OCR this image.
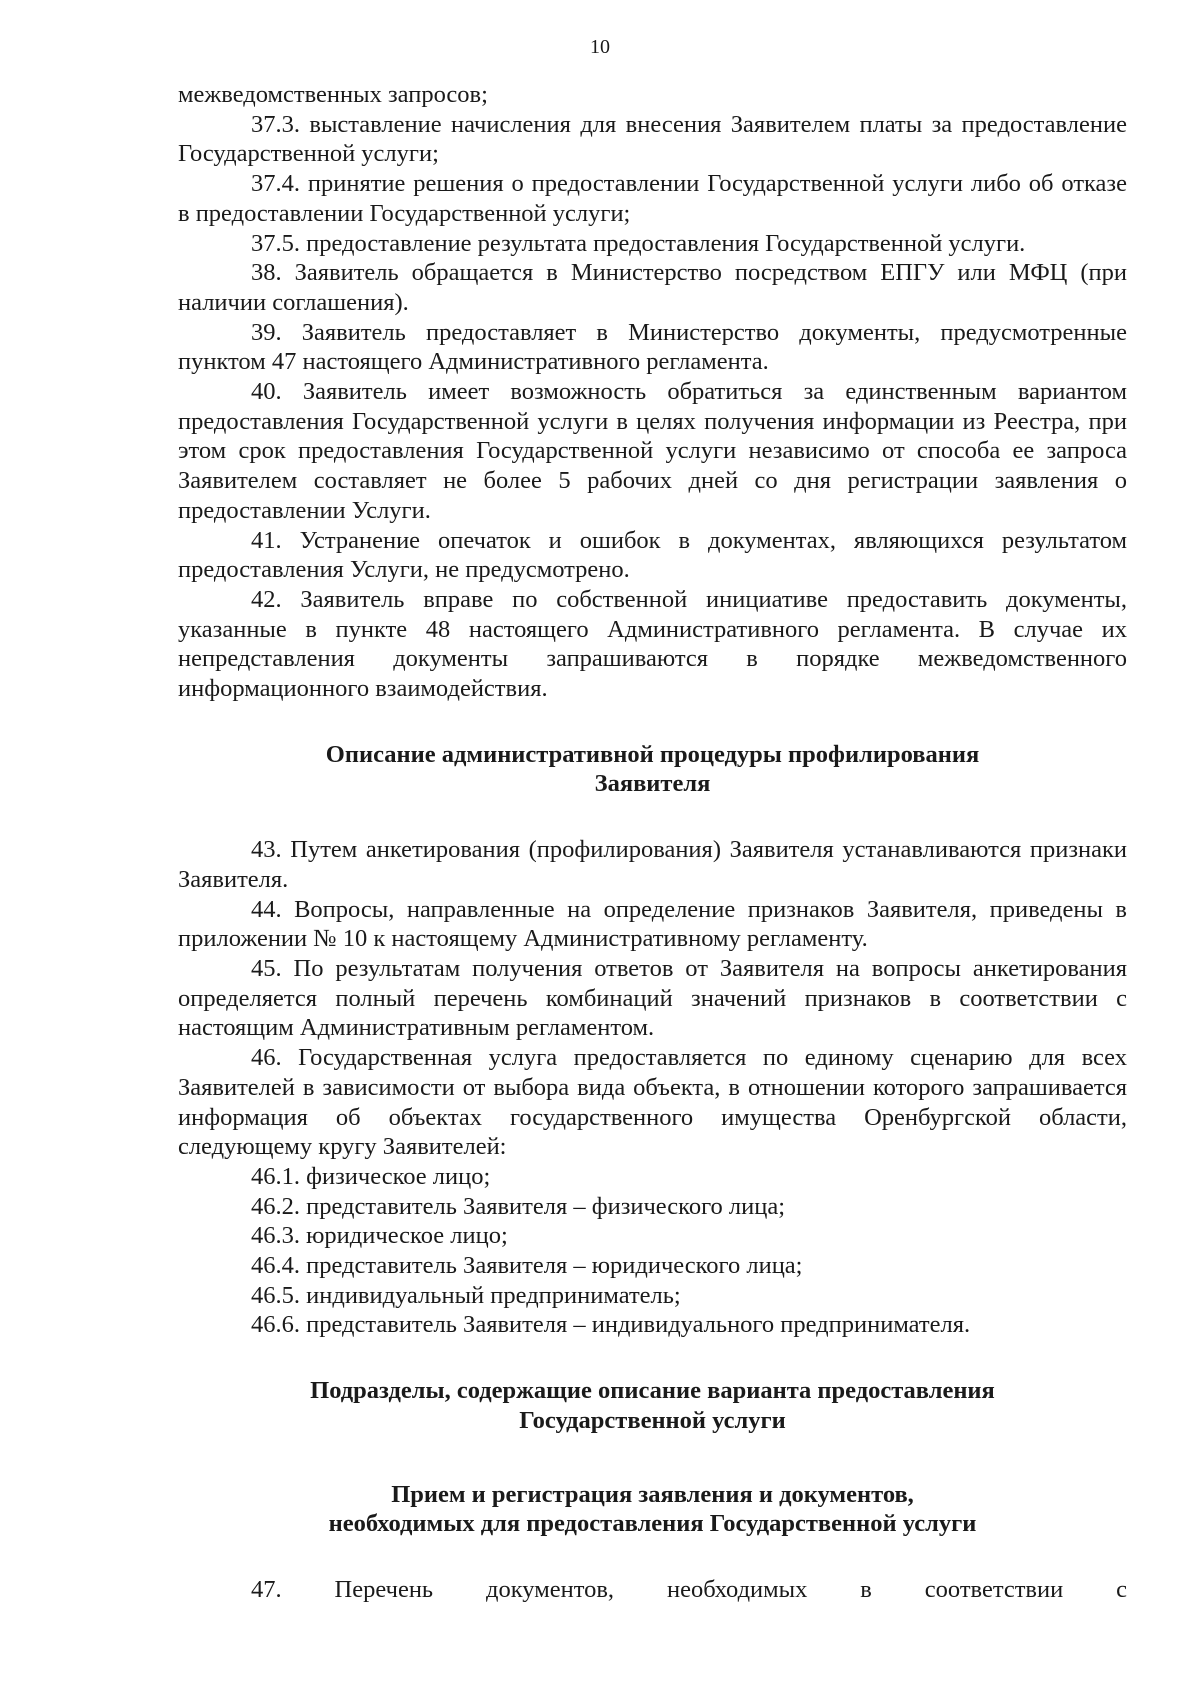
10

межведомственных запросов;

37.3. выставление начисления для внесения Заявителем платы за предоставление Государственной услуги;

37.4. принятие решения о предоставлении Государственной услуги либо об отказе в предоставлении Государственной услуги;

37.5. предоставление результата предоставления Государственной услуги.

38. Заявитель обращается в Министерство посредством ЕПГУ или МФЦ (при наличии соглашения).

39. Заявитель предоставляет в Министерство документы, предусмотренные пунктом 47 настоящего Административного регламента.

40. Заявитель имеет возможность обратиться за единственным вариантом предоставления Государственной услуги в целях получения информации из Реестра, при этом срок предоставления Государственной услуги независимо от способа ее запроса Заявителем составляет не более 5 рабочих дней со дня регистрации заявления о предоставлении Услуги.

41. Устранение опечаток и ошибок в документах, являющихся результатом предоставления Услуги, не предусмотрено.

42. Заявитель вправе по собственной инициативе предоставить документы, указанные в пункте 48 настоящего Административного регламента. В случае их непредставления документы запрашиваются в порядке межведомственного информационного взаимодействия.

Описание административной процедуры профилирования

Заявителя

43. Путем анкетирования (профилирования) Заявителя устанавливаются признаки Заявителя.

44. Вопросы, направленные на определение признаков Заявителя, приведены в приложении № 10 к настоящему Административному регламенту.

45. По результатам получения ответов от Заявителя на вопросы анкетирования определяется полный перечень комбинаций значений признаков в соответствии с настоящим Административным регламентом.

46. Государственная услуга предоставляется по единому сценарию для всех Заявителей в зависимости от выбора вида объекта, в отношении которого запрашивается информация об объектах государственного имущества Оренбургской области, следующему кругу Заявителей:

46.1. физическое лицо;

46.2. представитель Заявителя – физического лица;

46.3. юридическое лицо;

46.4. представитель Заявителя – юридического лица;

46.5. индивидуальный предприниматель;

46.6. представитель Заявителя – индивидуального предпринимателя.

Подразделы, содержащие описание варианта предоставления

Государственной услуги

Прием и регистрация заявления и документов,

необходимых для предоставления Государственной услуги

47. Перечень документов, необходимых в соответствии с
